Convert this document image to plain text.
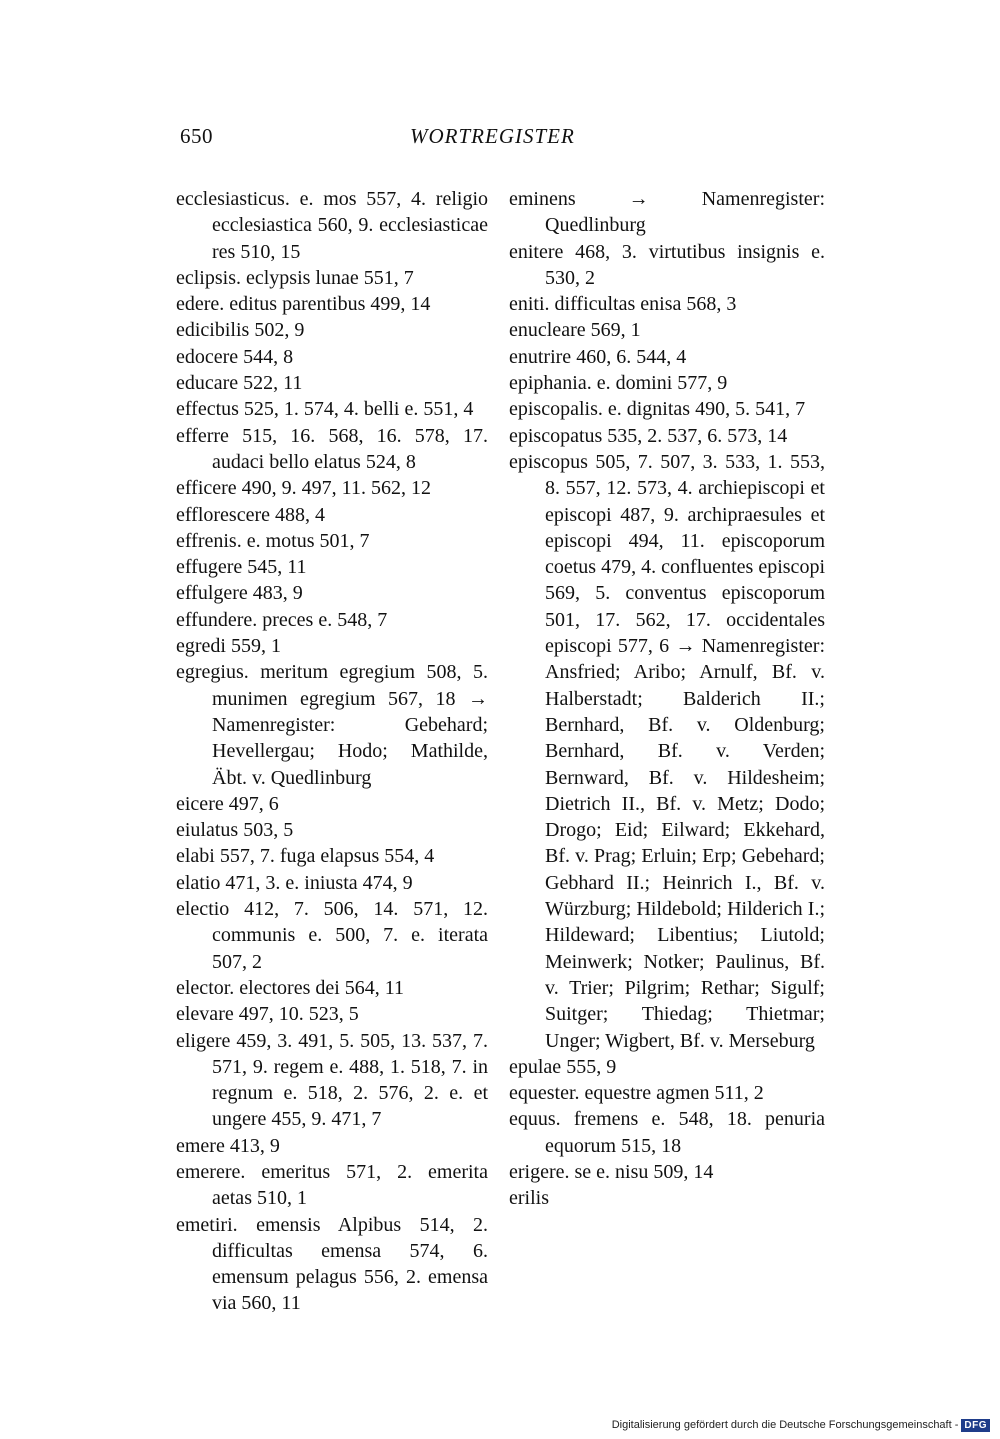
650	WORTREGISTER
ecclesiasticus. e. mos 557, 4. religio ecclesiastica 560, 9. ecclesiasticae res 510, 15
eclipsis. eclypsis lunae 551, 7
edere. editus parentibus 499, 14
edicibilis 502, 9
edocere 544, 8
educare 522, 11
effectus 525, 1. 574, 4. belli e. 551, 4
efferre 515, 16. 568, 16. 578, 17. audaci bello elatus 524, 8
efficere 490, 9. 497, 11. 562, 12
efflorescere 488, 4
effrenis. e. motus 501, 7
effugere 545, 11
effulgere 483, 9
effundere. preces e. 548, 7
egredi 559, 1
egregius. meritum egregium 508, 5. munimen egregium 567, 18 → Namenregister: Gebehard; Hevellergau; Hodo; Mathilde, Äbt. v. Quedlinburg
eicere 497, 6
eiulatus 503, 5
elabi 557, 7. fuga elapsus 554, 4
elatio 471, 3. e. iniusta 474, 9
electio 412, 7. 506, 14. 571, 12. communis e. 500, 7. e. iterata 507, 2
elector. electores dei 564, 11
elevare 497, 10. 523, 5
eligere 459, 3. 491, 5. 505, 13. 537, 7. 571, 9. regem e. 488, 1. 518, 7. in regnum e. 518, 2. 576, 2. e. et ungere 455, 9. 471, 7
emere 413, 9
emerere. emeritus 571, 2. emerita aetas 510, 1
emetiri. emensis Alpibus 514, 2. difficultas emensa 574, 6. emensum pelagus 556, 2. emensa via 560, 11
eminens → Namenregister: Quedlinburg
enitere 468, 3. virtutibus insignis e. 530, 2
eniti. difficultas enisa 568, 3
enucleare 569, 1
enutrire 460, 6. 544, 4
epiphania. e. domini 577, 9
episcopalis. e. dignitas 490, 5. 541, 7
episcopatus 535, 2. 537, 6. 573, 14
episcopus 505, 7. 507, 3. 533, 1. 553, 8. 557, 12. 573, 4. archiepiscopi et episcopi 487, 9. archipraesules et episcopi 494, 11. episcoporum coetus 479, 4. confluentes episcopi 569, 5. conventus episcoporum 501, 17. 562, 17. occidentales episcopi 577, 6 → Namenregister: Ansfried; Aribo; Arnulf, Bf. v. Halberstadt; Balderich II.; Bernhard, Bf. v. Oldenburg; Bernhard, Bf. v. Verden; Bernward, Bf. v. Hildesheim; Dietrich II., Bf. v. Metz; Dodo; Drogo; Eid; Eilward; Ekkehard, Bf. v. Prag; Erluin; Erp; Gebehard; Gebhard II.; Heinrich I., Bf. v. Würzburg; Hildebold; Hilderich I.; Hildeward; Libentius; Liutold; Meinwerk; Notker; Paulinus, Bf. v. Trier; Pilgrim; Rethar; Sigulf; Suitger; Thiedag; Thietmar; Unger; Wigbert, Bf. v. Merseburg
epulae 555, 9
equester. equestre agmen 511, 2
equus. fremens e. 548, 18. penuria equorum 515, 18
erigere. se e. nisu 509, 14
erilis
Digitalisierung gefördert durch die Deutsche Forschungsgemeinschaft - DFG
